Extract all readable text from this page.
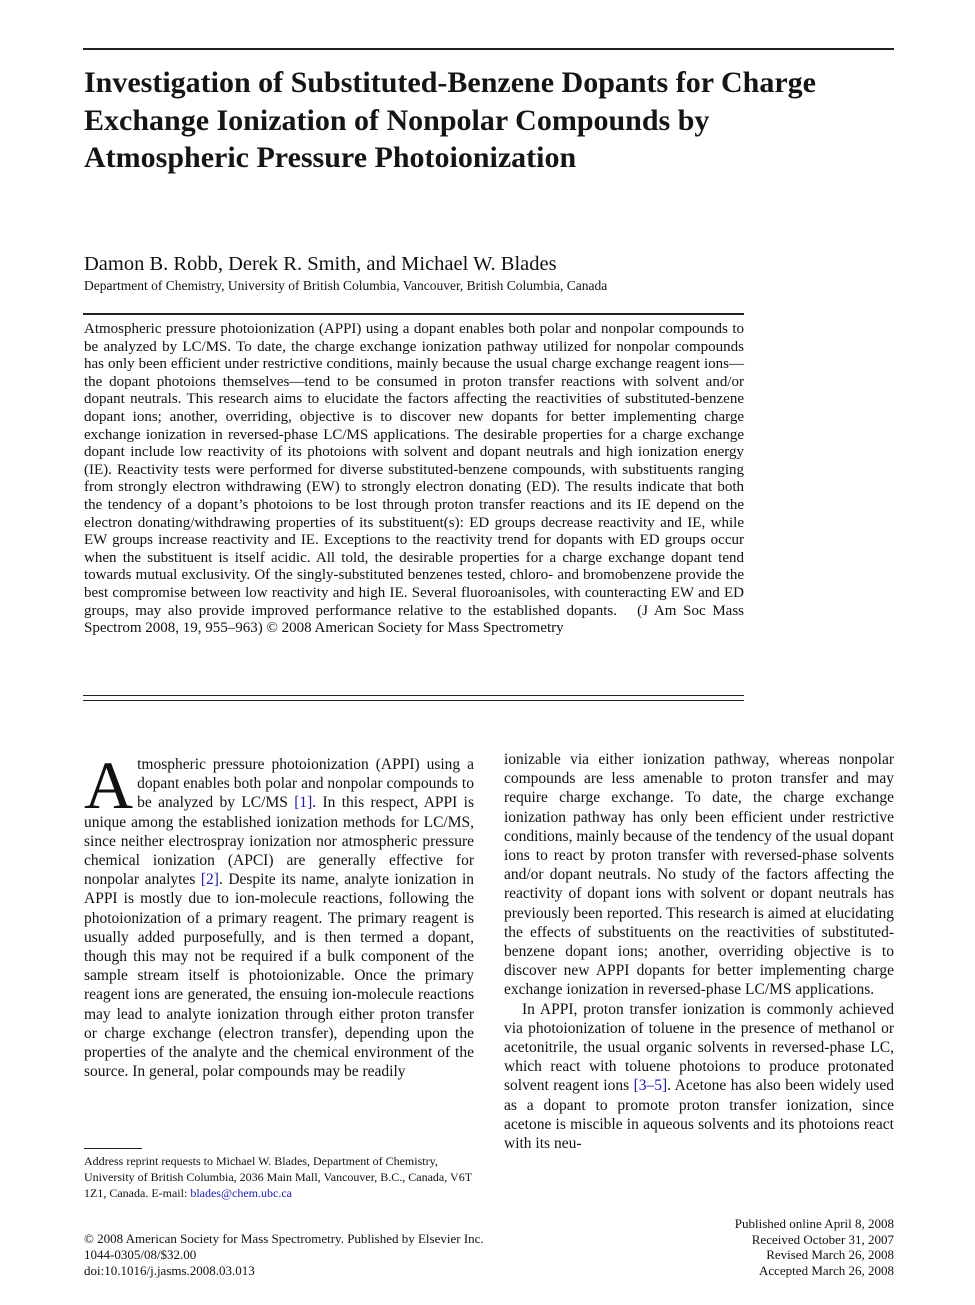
Investigation of Substituted-Benzene Dopants for Charge Exchange Ionization of Nonpolar Compounds by Atmospheric Pressure Photoionization
Damon B. Robb, Derek R. Smith, and Michael W. Blades
Department of Chemistry, University of British Columbia, Vancouver, British Columbia, Canada

Atmospheric pressure photoionization (APPI) using a dopant enables both polar and nonpolar compounds to be analyzed by LC/MS. To date, the charge exchange ionization pathway utilized for nonpolar compounds has only been efficient under restrictive conditions, mainly because the usual charge exchange reagent ions—the dopant photoions themselves—tend to be consumed in proton transfer reactions with solvent and/or dopant neutrals. This research aims to elucidate the factors affecting the reactivities of substituted-benzene dopant ions; another, overriding, objective is to discover new dopants for better implementing charge exchange ionization in reversed-phase LC/MS applications. The desirable properties for a charge exchange dopant include low reactivity of its photoions with solvent and dopant neutrals and high ionization energy (IE). Reactivity tests were performed for diverse substituted-benzene compounds, with substituents ranging from strongly electron withdrawing (EW) to strongly electron donating (ED). The results indicate that both the tendency of a dopant’s photoions to be lost through proton transfer reactions and its IE depend on the electron donating/withdrawing properties of its substituent(s): ED groups decrease reactivity and IE, while EW groups increase reactivity and IE. Exceptions to the reactivity trend for dopants with ED groups occur when the substituent is itself acidic. All told, the desirable properties for a charge exchange dopant tend towards mutual exclusivity. Of the singly-substituted benzenes tested, chloro- and bromobenzene provide the best compromise between low reactivity and high IE. Several fluoroanisoles, with counteracting EW and ED groups, may also provide improved performance relative to the established dopants. (J Am Soc Mass Spectrom 2008, 19, 955–963) © 2008 American Society for Mass Spectrometry

Atmospheric pressure photoionization (APPI) using a dopant enables both polar and nonpolar compounds to be analyzed by LC/MS [1]. In this respect, APPI is unique among the established ionization methods for LC/MS, since neither electrospray ionization nor atmospheric pressure chemical ionization (APCI) are generally effective for nonpolar analytes [2]. Despite its name, analyte ionization in APPI is mostly due to ion-molecule reactions, following the photoionization of a primary reagent. The primary reagent is usually added purposefully, and is then termed a dopant, though this may not be required if a bulk component of the sample stream itself is photoionizable. Once the primary reagent ions are generated, the ensuing ion-molecule reactions may lead to analyte ionization through either proton transfer or charge exchange (electron transfer), depending upon the properties of the analyte and the chemical environment of the source. In general, polar compounds may be readily

ionizable via either ionization pathway, whereas nonpolar compounds are less amenable to proton transfer and may require charge exchange. To date, the charge exchange ionization pathway has only been efficient under restrictive conditions, mainly because of the tendency of the usual dopant ions to react by proton transfer with reversed-phase solvents and/or dopant neutrals. No study of the factors affecting the reactivity of dopant ions with solvent or dopant neutrals has previously been reported. This research is aimed at elucidating the effects of substituents on the reactivities of substituted-benzene dopant ions; another, overriding objective is to discover new APPI dopants for better implementing charge exchange ionization in reversed-phase LC/MS applications.

In APPI, proton transfer ionization is commonly achieved via photoionization of toluene in the presence of methanol or acetonitrile, the usual organic solvents in reversed-phase LC, which react with toluene photoions to produce protonated solvent reagent ions [3–5]. Acetone has also been widely used as a dopant to promote proton transfer ionization, since acetone is miscible in aqueous solvents and its photoions react with its neu-

Address reprint requests to Michael W. Blades, Department of Chemistry, University of British Columbia, 2036 Main Mall, Vancouver, B.C., Canada, V6T 1Z1, Canada. E-mail: blades@chem.ubc.ca

© 2008 American Society for Mass Spectrometry. Published by Elsevier Inc.
1044-0305/08/$32.00
doi:10.1016/j.jasms.2008.03.013
Published online April 8, 2008
Received October 31, 2007
Revised March 26, 2008
Accepted March 26, 2008
